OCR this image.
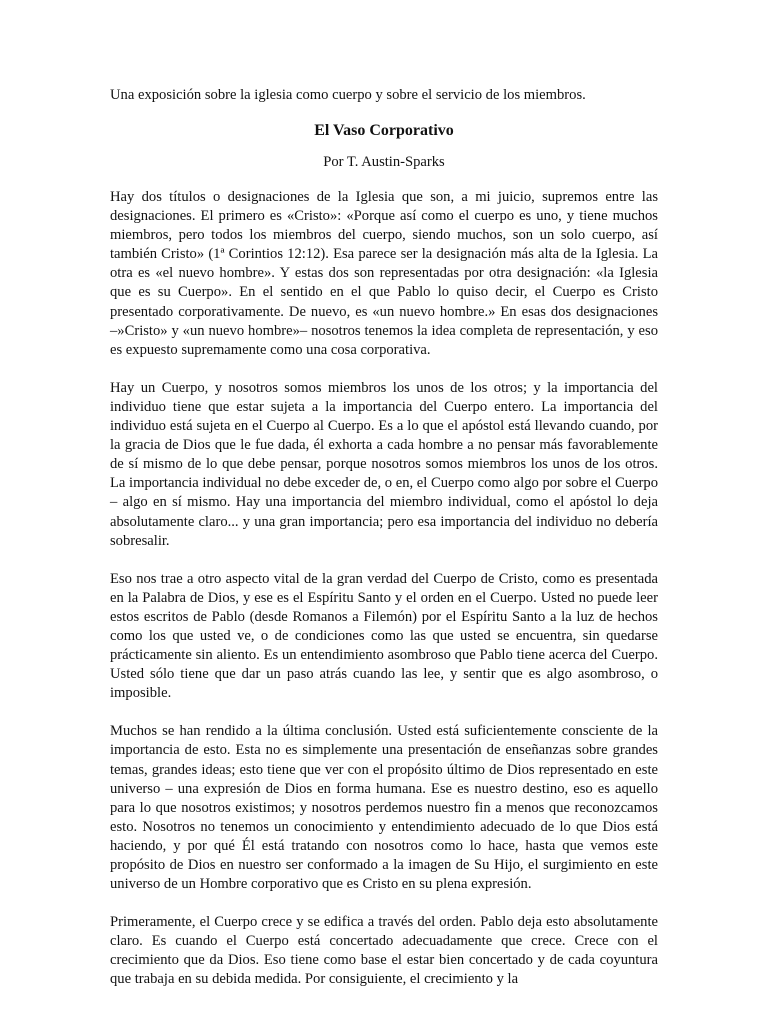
Una exposición sobre la iglesia como cuerpo y sobre el servicio de los miembros.

El Vaso Corporativo

Por T. Austin-Sparks

Hay dos títulos o designaciones de la Iglesia que son, a mi juicio, supremos entre las designaciones. El primero es «Cristo»: «Porque así como el cuerpo es uno, y tiene muchos miembros, pero todos los miembros del cuerpo, siendo muchos, son un solo cuerpo, así también Cristo» (1ª Corintios 12:12). Esa parece ser la designación más alta de la Iglesia. La otra es «el nuevo hombre». Y estas dos son representadas por otra designación: «la Iglesia que es su Cuerpo». En el sentido en el que Pablo lo quiso decir, el Cuerpo es Cristo presentado corporativamente. De nuevo, es «un nuevo hombre.» En esas dos designaciones –»Cristo» y «un nuevo hombre»– nosotros tenemos la idea completa de representación, y eso es expuesto supremamente como una cosa corporativa.

Hay un Cuerpo, y nosotros somos miembros los unos de los otros; y la importancia del individuo tiene que estar sujeta a la importancia del Cuerpo entero. La importancia del individuo está sujeta en el Cuerpo al Cuerpo. Es a lo que el apóstol está llevando cuando, por la gracia de Dios que le fue dada, él exhorta a cada hombre a no pensar más favorablemente de sí mismo de lo que debe pensar, porque nosotros somos miembros los unos de los otros. La importancia individual no debe exceder de, o en, el Cuerpo como algo por sobre el Cuerpo – algo en sí mismo. Hay una importancia del miembro individual, como el apóstol lo deja absolutamente claro... y una gran importancia; pero esa importancia del individuo no debería sobresalir.

Eso nos trae a otro aspecto vital de la gran verdad del Cuerpo de Cristo, como es presentada en la Palabra de Dios, y ese es el Espíritu Santo y el orden en el Cuerpo. Usted no puede leer estos escritos de Pablo (desde Romanos a Filemón) por el Espíritu Santo a la luz de hechos como los que usted ve, o de condiciones como las que usted se encuentra, sin quedarse prácticamente sin aliento. Es un entendimiento asombroso que Pablo tiene acerca del Cuerpo. Usted sólo tiene que dar un paso atrás cuando las lee, y sentir que es algo asombroso, o imposible.

Muchos se han rendido a la última conclusión. Usted está suficientemente consciente de la importancia de esto. Esta no es simplemente una presentación de enseñanzas sobre grandes temas, grandes ideas; esto tiene que ver con el propósito último de Dios representado en este universo – una expresión de Dios en forma humana. Ese es nuestro destino, eso es aquello para lo que nosotros existimos; y nosotros perdemos nuestro fin a menos que reconozcamos esto. Nosotros no tenemos un conocimiento y entendimiento adecuado de lo que Dios está haciendo, y por qué Él está tratando con nosotros como lo hace, hasta que vemos este propósito de Dios en nuestro ser conformado a la imagen de Su Hijo, el surgimiento en este universo de un Hombre corporativo que es Cristo en su plena expresión.

Primeramente, el Cuerpo crece y se edifica a través del orden. Pablo deja esto absolutamente claro. Es cuando el Cuerpo está concertado adecuadamente que crece. Crece con el crecimiento que da Dios. Eso tiene como base el estar bien concertado y de cada coyuntura que trabaja en su debida medida. Por consiguiente, el crecimiento y la
